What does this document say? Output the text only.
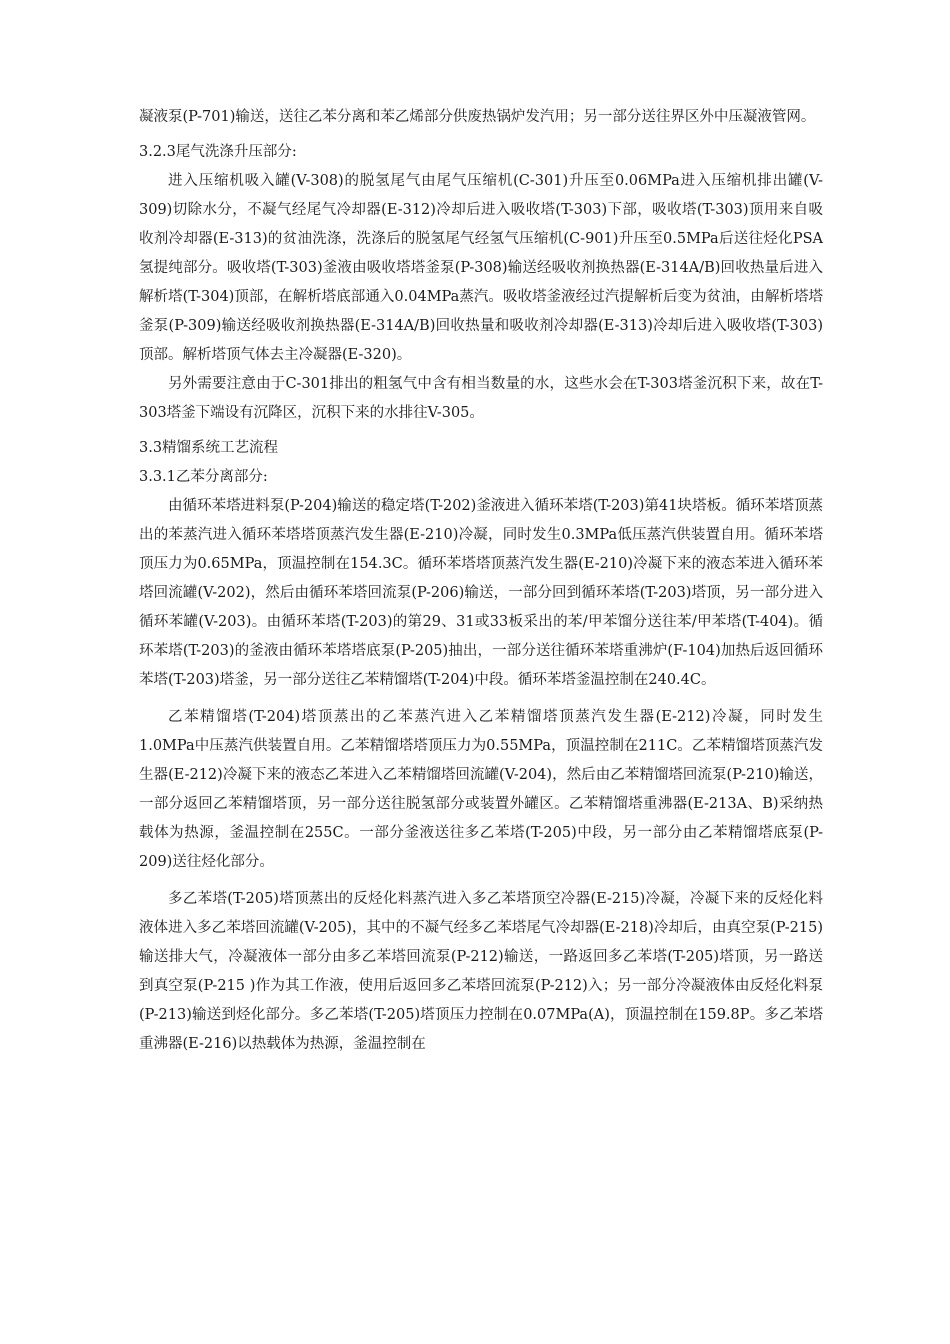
凝液泵(P-701)输送，送往乙苯分离和苯乙烯部分供废热锅炉发汽用；另一部分送往界区外中压凝液管网。

3.2.3尾气洗涤升压部分:

进入压缩机吸入罐(V-308)的脱氢尾气由尾气压缩机(C-301)升压至0.06MPa进入压缩机排出罐(V-309)切除水分，不凝气经尾气冷却器(E-312)冷却后进入吸收塔(T-303)下部，吸收塔(T-303)顶用来自吸收剂冷却器(E-313)的贫油洗涤，洗涤后的脱氢尾气经氢气压缩机(C-901)升压至0.5MPa后送往烃化PSA氢提纯部分。吸收塔(T-303)釜液由吸收塔塔釜泵(P-308)输送经吸收剂换热器(E-314A/B)回收热量后进入解析塔(T-304)顶部，在解析塔底部通入0.04MPa蒸汽。吸收塔釜液经过汽提解析后变为贫油，由解析塔塔釜泵(P-309)输送经吸收剂换热器(E-314A/B)回收热量和吸收剂冷却器(E-313)冷却后进入吸收塔(T-303)顶部。解析塔顶气体去主冷凝器(E-320)。

另外需要注意由于C-301排出的粗氢气中含有相当数量的水，这些水会在T-303塔釜沉积下来，故在T-303塔釜下端设有沉降区，沉积下来的水排往V-305。

3.3精馏系统工艺流程

3.3.1乙苯分离部分:

由循环苯塔进料泵(P-204)输送的稳定塔(T-202)釜液进入循环苯塔(T-203)第41块塔板。循环苯塔顶蒸出的苯蒸汽进入循环苯塔塔顶蒸汽发生器(E-210)冷凝，同时发生0.3MPa低压蒸汽供装置自用。循环苯塔顶压力为0.65MPa，顶温控制在154.3C。循环苯塔塔顶蒸汽发生器(E-210)冷凝下来的液态苯进入循环苯塔回流罐(V-202)，然后由循环苯塔回流泵(P-206)输送，一部分回到循环苯塔(T-203)塔顶，另一部分进入循环苯罐(V-203)。由循环苯塔(T-203)的第29、31或33板采出的苯/甲苯馏分送往苯/甲苯塔(T-404)。循环苯塔(T-203)的釜液由循环苯塔塔底泵(P-205)抽出，一部分送往循环苯塔重沸炉(F-104)加热后返回循环苯塔(T-203)塔釜，另一部分送往乙苯精馏塔(T-204)中段。循环苯塔釜温控制在240.4C。

乙苯精馏塔(T-204)塔顶蒸出的乙苯蒸汽进入乙苯精馏塔顶蒸汽发生器(E-212)冷凝，同时发生1.0MPa中压蒸汽供装置自用。乙苯精馏塔塔顶压力为0.55MPa，顶温控制在211C。乙苯精馏塔顶蒸汽发生器(E-212)冷凝下来的液态乙苯进入乙苯精馏塔回流罐(V-204)，然后由乙苯精馏塔回流泵(P-210)输送，一部分返回乙苯精馏塔顶，另一部分送往脱氢部分或装置外罐区。乙苯精馏塔重沸器(E-213A、B)采纳热载体为热源，釜温控制在255C。一部分釜液送往多乙苯塔(T-205)中段，另一部分由乙苯精馏塔底泵(P-209)送往烃化部分。

多乙苯塔(T-205)塔顶蒸出的反烃化料蒸汽进入多乙苯塔顶空冷器(E-215)冷凝，冷凝下来的反烃化料液体进入多乙苯塔回流罐(V-205)，其中的不凝气经多乙苯塔尾气冷却器(E-218)冷却后，由真空泵(P-215)输送排大气，冷凝液体一部分由多乙苯塔回流泵(P-212)输送，一路返回多乙苯塔(T-205)塔顶，另一路送到真空泵(P-215 )作为其工作液，使用后返回多乙苯塔回流泵(P-212)入；另一部分冷凝液体由反烃化料泵(P-213)输送到烃化部分。多乙苯塔(T-205)塔顶压力控制在0.07MPa(A)，顶温控制在159.8P。多乙苯塔重沸器(E-216)以热载体为热源，釜温控制在
